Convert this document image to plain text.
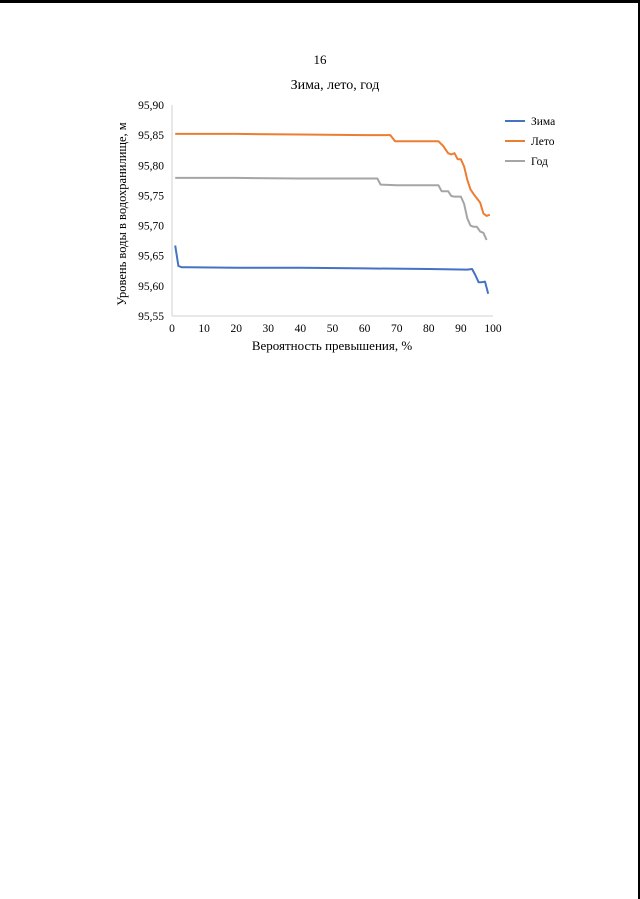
16
Зима, лето, год
Уровень воды в водохранилище, м
Вероятность превышения, %
0 10 20 30 40 50 60 70 80 90 100
95,55
95,60
95,65
95,70
95,75
95,80
95,85
95,90
Зима
Лето
Год
